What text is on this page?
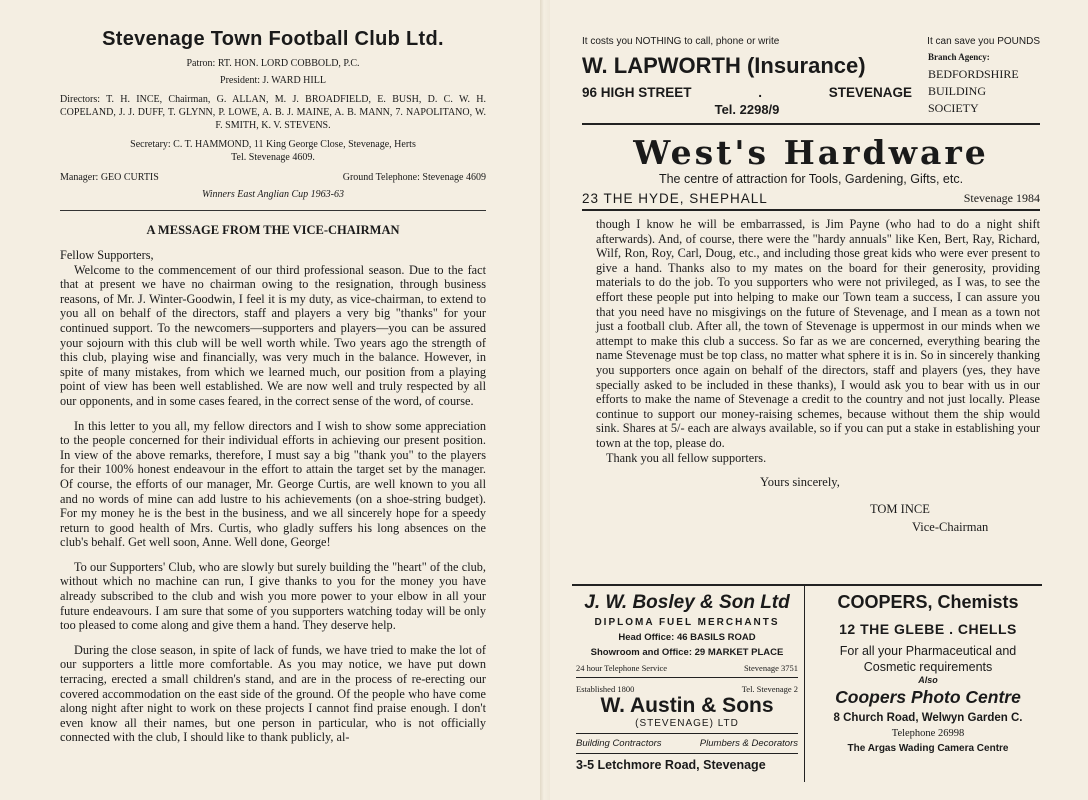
Stevenage Town Football Club Ltd.
Patron: RT. HON. LORD COBBOLD, P.C.
President: J. WARD HILL
Directors: T. H. INCE, Chairman, G. ALLAN, M. J. BROADFIELD, E. BUSH, D. C. W. H. COPELAND, J. J. DUFF, T. GLYNN, P. LOWE, A. B. J. MAINE, A. B. MANN, 7. NAPOLITANO, W. F. SMITH, K. V. STEVENS.
Secretary: C. T. HAMMOND, 11 King George Close, Stevenage, Herts
Tel. Stevenage 4609.
Manager: GEO CURTIS	Ground Telephone: Stevenage 4609
Winners East Anglian Cup 1963-63
A MESSAGE FROM THE VICE-CHAIRMAN

Fellow Supporters,

Welcome to the commencement of our third professional season. Due to the fact that at present we have no chairman owing to the resignation, through business reasons, of Mr. J. Winter-Goodwin, I feel it is my duty, as vice-chairman, to extend to you all on behalf of the directors, staff and players a very big "thanks" for your continued support. To the newcomers—supporters and players—you can be assured your sojourn with this club will be well worth while. Two years ago the strength of this club, playing wise and financially, was very much in the balance. However, in spite of many mistakes, from which we learned much, our position from a playing point of view has been well established. We are now well and truly respected by all our opponents, and in some cases feared, in the correct sense of the word, of course.

In this letter to you all, my fellow directors and I wish to show some appreciation to the people concerned for their individual efforts in achieving our present position. In view of the above remarks, therefore, I must say a big "thank you" to the players for their 100% honest endeavour in the effort to attain the target set by the manager. Of course, the efforts of our manager, Mr. George Curtis, are well known to you all and no words of mine can add lustre to his achievements (on a shoe-string budget). For my money he is the best in the business, and we all sincerely hope for a speedy return to good health of Mrs. Curtis, who gladly suffers his long absences on the club's behalf. Get well soon, Anne. Well done, George!

To our Supporters' Club, who are slowly but surely building the "heart" of the club, without which no machine can run, I give thanks to you for the money you have already subscribed to the club and wish you more power to your elbow in all your future endeavours. I am sure that some of you supporters watching today will be only too pleased to come along and give them a hand. They deserve help.

During the close season, in spite of lack of funds, we have tried to make the lot of our supporters a little more comfortable. As you may notice, we have put down terracing, erected a small children's stand, and are in the process of re-erecting our covered accommodation on the east side of the ground. Of the people who have come along night after night to work on these projects I cannot find praise enough. I don't even know all their names, but one person in particular, who is not officially connected with the club, I should like to thank publicly, al-

It costs you NOTHING to call, phone or write	It can save you POUNDS
W. LAPWORTH (Insurance)
96 HIGH STREET	.	STEVENAGE
Tel. 2298/9
Branch Agency:
BEDFORDSHIRE
BUILDING
SOCIETY
West's Hardware
The centre of attraction for Tools, Gardening, Gifts, etc.
23 THE HYDE, SHEPHALL	Stevenage 1984

though I know he will be embarrassed, is Jim Payne (who had to do a night shift afterwards). And, of course, there were the "hardy annuals" like Ken, Bert, Ray, Richard, Wilf, Ron, Roy, Carl, Doug, etc., and including those great kids who were ever present to give a hand. Thanks also to my mates on the board for their generosity, providing materials to do the job. To you supporters who were not privileged, as I was, to see the effort these people put into helping to make our Town team a success, I can assure you that you need have no misgivings on the future of Stevenage, and I mean as a town not just a football club. After all, the town of Stevenage is uppermost in our minds when we attempt to make this club a success. So far as we are concerned, everything bearing the name Stevenage must be top class, no matter what sphere it is in. So in sincerely thanking you supporters once again on behalf of the directors, staff and players (yes, they have specially asked to be included in these thanks), I would ask you to bear with us in our efforts to make the name of Stevenage a credit to the country and not just locally. Please continue to support our money-raising schemes, because without them the ship would sink. Shares at 5/- each are always available, so if you can put a stake in establishing your town at the top, please do.

Thank you all fellow supporters.

Yours sincerely,
TOM INCE
Vice-Chairman
J. W. Bosley & Son Ltd
DIPLOMA FUEL MERCHANTS
Head Office: 46 BASILS ROAD
Showroom and Office: 29 MARKET PLACE
24 hour Telephone Service	Stevenage 3751
Established 1800	Tel. Stevenage 2
W. Austin & Sons
(STEVENAGE) LTD
Building Contractors	Plumbers & Decorators
3-5 Letchmore Road, Stevenage
COOPERS, Chemists
12 THE GLEBE . CHELLS
For all your Pharmaceutical and Cosmetic requirements
Also
Coopers Photo Centre
8 Church Road, Welwyn Garden C.
Telephone 26998
The Argas Wading Camera Centre
